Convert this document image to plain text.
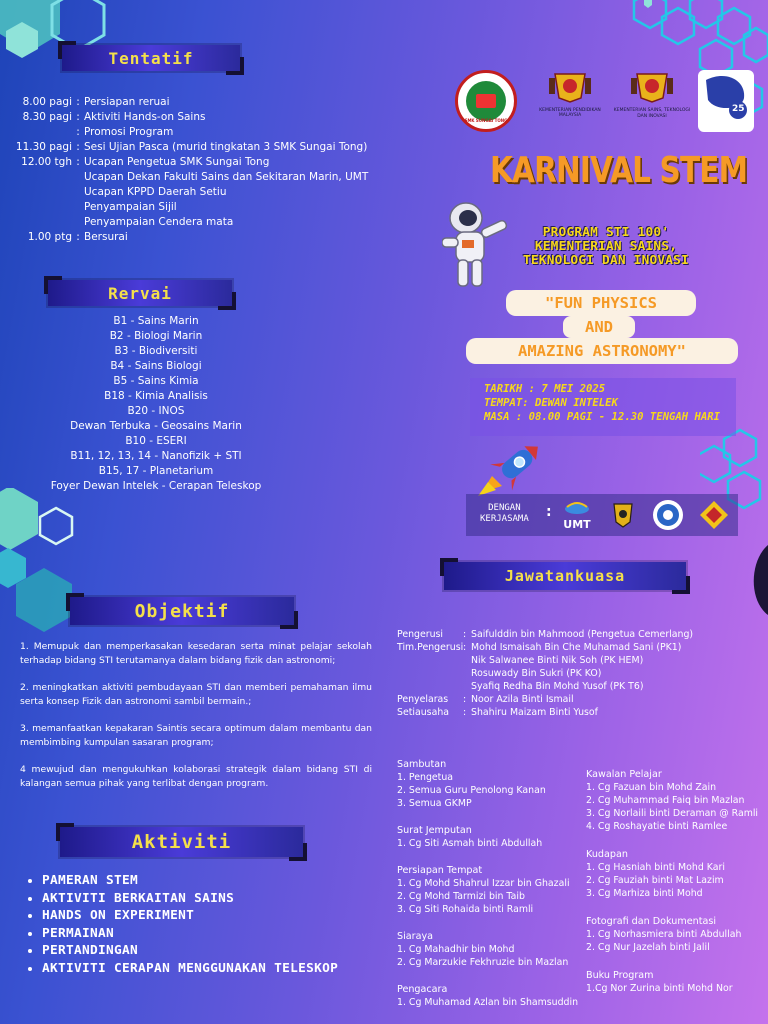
Tentatif
8.00 pagi : Persiapan reruai
8.30 pagi : Aktiviti Hands-on Sains
: Promosi Program
11.30 pagi : Sesi Ujian Pasca (murid tingkatan 3 SMK Sungai Tong)
12.00 tgh : Ucapan Pengetua SMK Sungai Tong
Ucapan Dekan Fakulti Sains dan Sekitaran Marin, UMT
Ucapan KPPD Daerah Setiu
Penyampaian Sijil
Penyampaian Cendera mata
1.00 ptg : Bersurai
Rervai
B1 - Sains Marin
B2 - Biologi Marin
B3 - Biodiversiti
B4 - Sains Biologi
B5 - Sains Kimia
B18 - Kimia Analisis
B20 - INOS
Dewan Terbuka - Geosains Marin
B10 - ESERI
B11, 12, 13, 14 - Nanofizik + STI
B15, 17 - Planetarium
Foyer Dewan Intelek - Cerapan Teleskop
Objektif

1. Memupuk dan memperkasakan kesedaran serta minat pelajar sekolah terhadap bidang STI terutamanya dalam bidang fizik dan astronomi;

2. meningkatkan aktiviti pembudayaan STI dan memberi pemahaman ilmu serta konsep Fizik dan astronomi sambil bermain.;

3. memanfaatkan kepakaran Saintis secara optimum dalam membantu dan membimbing kumpulan sasaran program;

4 mewujud dan mengukuhkan kolaborasi strategik dalam bidang STI di kalangan semua pihak yang terlibat dengan program.

Aktiviti
• PAMERAN STEM
• AKTIVITI BERKAITAN SAINS
• HANDS ON EXPERIMENT
• PERMAINAN
• PERTANDINGAN
• AKTIVITI CERAPAN MENGGUNAKAN TELESKOP
SMK SUNGAI TONG
KEMENTERIAN PENDIDIKAN MALAYSIA
KEMENTERIAN SAINS, TEKNOLOGI DAN INOVASI
25
KARNIVAL STEM
PROGRAM STI 100'
KEMENTERIAN SAINS,
TEKNOLOGI DAN INOVASI
"FUN PHYSICS
AND
AMAZING ASTRONOMY"
TARIKH : 7 MEI 2025
TEMPAT: DEWAN INTELEK
MASA : 08.00 PAGI - 12.30 TENGAH HARI
DENGAN
KERJASAMA :
UMT
Jawatankuasa
Pengerusi	: Saifulddin bin Mahmood (Pengetua Cemerlang)
Tim.Pengerusi : Mohd Ismaisah Bin Che Muhamad Sani (PK1)
Nik Salwanee Binti Nik Soh (PK HEM)
Rosuwady Bin Sukri (PK KO)
Syafiq Redha Bin Mohd Yusof (PK T6)
Penyelaras	: Noor Azila Binti Ismail
Setiausaha	: Shahiru Maizam Binti Yusof
Sambutan
1. Pengetua
2. Semua Guru Penolong Kanan
3. Semua GKMP
Surat Jemputan
1. Cg Siti Asmah binti Abdullah
Persiapan Tempat
1. Cg Mohd Shahrul Izzar bin Ghazali
2. Cg Mohd Tarmizi bin Taib
3. Cg Siti Rohaida binti Ramli
Siaraya
1. Cg Mahadhir bin Mohd
2. Cg Marzukie Fekhruzie bin Mazlan
Pengacara
1. Cg Muhamad Azlan bin Shamsuddin
Kawalan Pelajar
1. Cg Fazuan bin Mohd Zain
2. Cg Muhammad Faiq bin Mazlan
3. Cg Norlaili binti Deraman @ Ramli
4. Cg Roshayatie binti Ramlee
Kudapan
1. Cg Hasniah binti Mohd Kari
2. Cg Fauziah binti Mat Lazim
3. Cg Marhiza binti Mohd
Fotografi dan Dokumentasi
1. Cg Norhasmiera binti Abdullah
2. Cg Nur Jazelah binti Jalil
Buku Program
1.Cg Nor Zurina binti Mohd Nor
